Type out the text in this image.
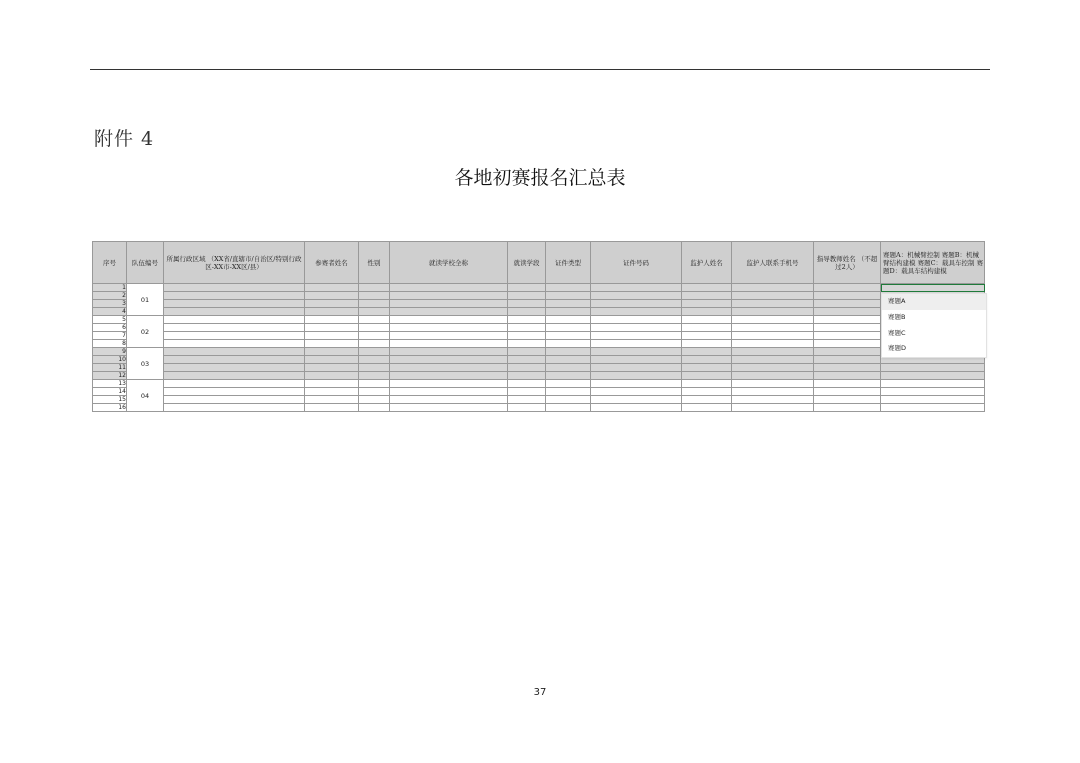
附件 4
各地初赛报名汇总表
序号	队伍编号	所属行政区域 （XX省/直辖市/自治区/特别行政区-XX市-XX区/县）	参赛者姓名	性别	就读学校全称	就读学段	证件类型	证件号码	监护人姓名	监护人联系手机号	指导教师姓名 （不超过2人）	赛题A：机械臂控制 赛题B：机械臂结构建模 赛题C：载具车控制 赛题D：载具车结构建模
1	01											
2												
3												
4												
5	02											
6												
7												
8												
9	03											
10												
11												
12												
13	04											
14												
15												
16												
赛题A
赛题B
赛题C
赛题D
37
